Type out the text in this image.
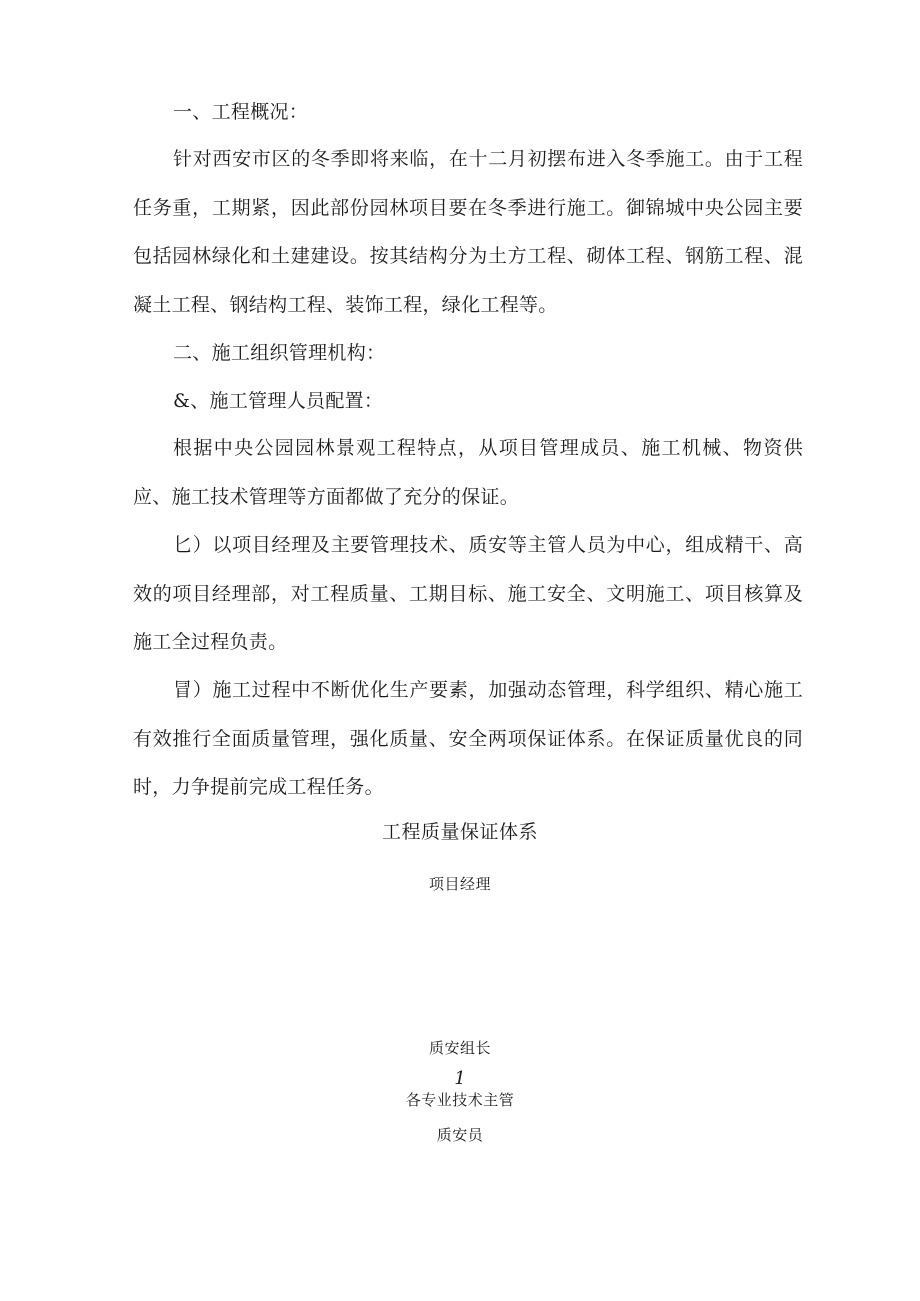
一、工程概况：

针对西安市区的冬季即将来临，在十二月初摆布进入冬季施工。由于工程任务重，工期紧，因此部份园林项目要在冬季进行施工。御锦城中央公园主要包括园林绿化和土建建设。按其结构分为土方工程、砌体工程、钢筋工程、混凝土工程、钢结构工程、装饰工程，绿化工程等。

二、施工组织管理机构：

&、施工管理人员配置：

根据中央公园园林景观工程特点，从项目管理成员、施工机械、物资供应、施工技术管理等方面都做了充分的保证。

匕）以项目经理及主要管理技术、质安等主管人员为中心，组成精干、高效的项目经理部，对工程质量、工期目标、施工安全、文明施工、项目核算及施工全过程负责。

冒）施工过程中不断优化生产要素，加强动态管理，科学组织、精心施工有效推行全面质量管理，强化质量、安全两项保证体系。在保证质量优良的同时，力争提前完成工程任务。

工程质量保证体系

项目经理

质安组长

1

各专业技术主管

质安员
